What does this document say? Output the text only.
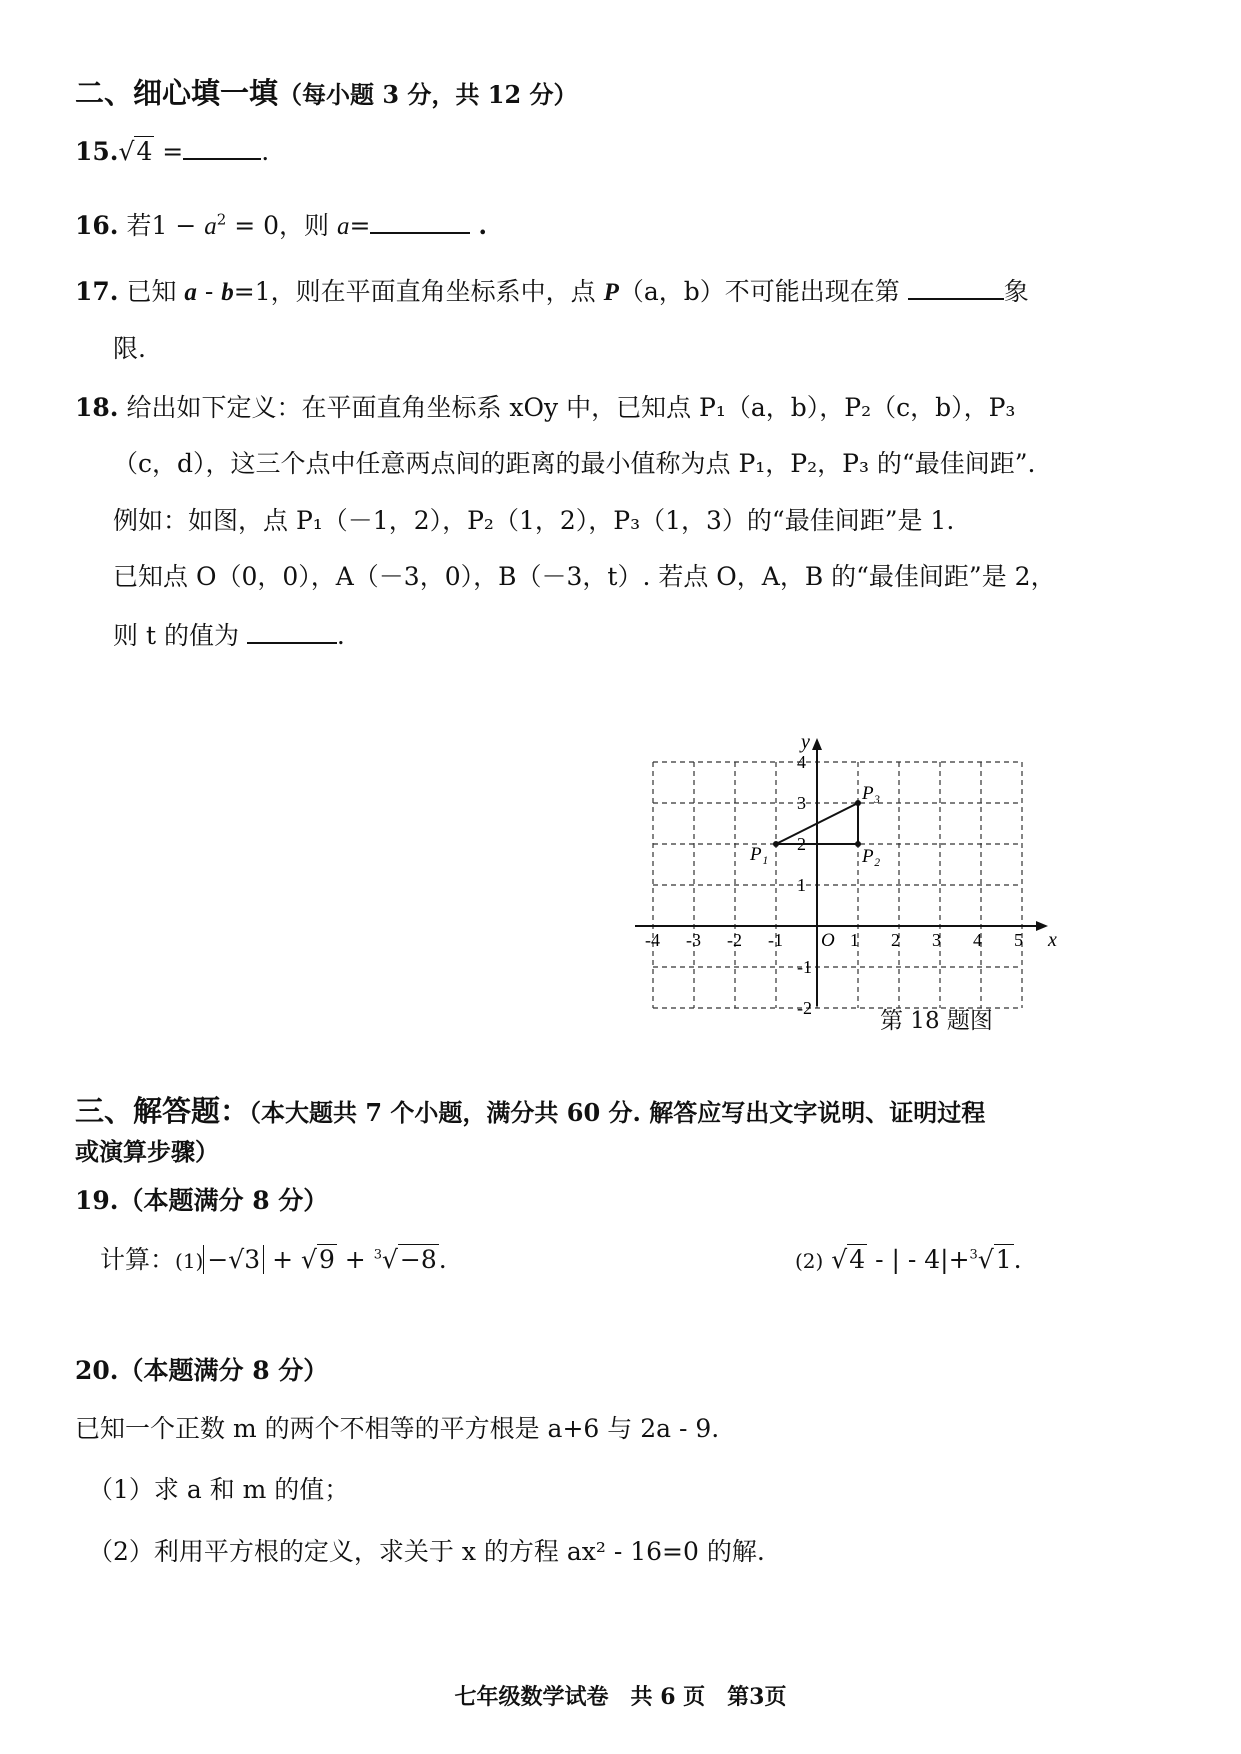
二、细心填一填（每小题 3 分，共 12 分）
15.√4 =	.
16. 若$1 - a^2 = 0$，则 a=	.
17. 已知 a - b=1，则在平面直角坐标系中，点 P（a，b）不可能出现在第	象
限.
18. 给出如下定义：在平面直角坐标系 xOy 中，已知点 P₁（a，b），P₂（c，b），P₃
（c，d），这三个点中任意两点间的距离的最小值称为点 P₁，P₂，P₃ 的“最佳间距”.
例如：如图，点 P₁（－1，2），P₂（1，2），P₃（1，3）的“最佳间距”是 1.
已知点 O（0，0），A（－3，0），B（－3，t）. 若点 O，A，B 的“最佳间距”是 2，
则 t 的值为	.
x
y
O
-4 -3 -2 -1	1 2 3 4 5
4
3
2
1
-1
-2
P₁	P₂
P₃
第 18 题图
三、解答题：（本大题共 7 个小题，满分共 60 分. 解答应写出文字说明、证明过程
或演算步骤）
19.（本题满分 8 分）
计算：(1) −√3 + √9 + $^3$√−8.	(2) √4 - | - 4|+$^3$√1.
20.（本题满分 8 分）
已知一个正数 m 的两个不相等的平方根是 a+6 与 2a - 9.
（1）求 a 和 m 的值；
（2）利用平方根的定义，求关于 x 的方程 ax² - 16=0 的解.
七年级数学试卷　共 6 页　第3页
